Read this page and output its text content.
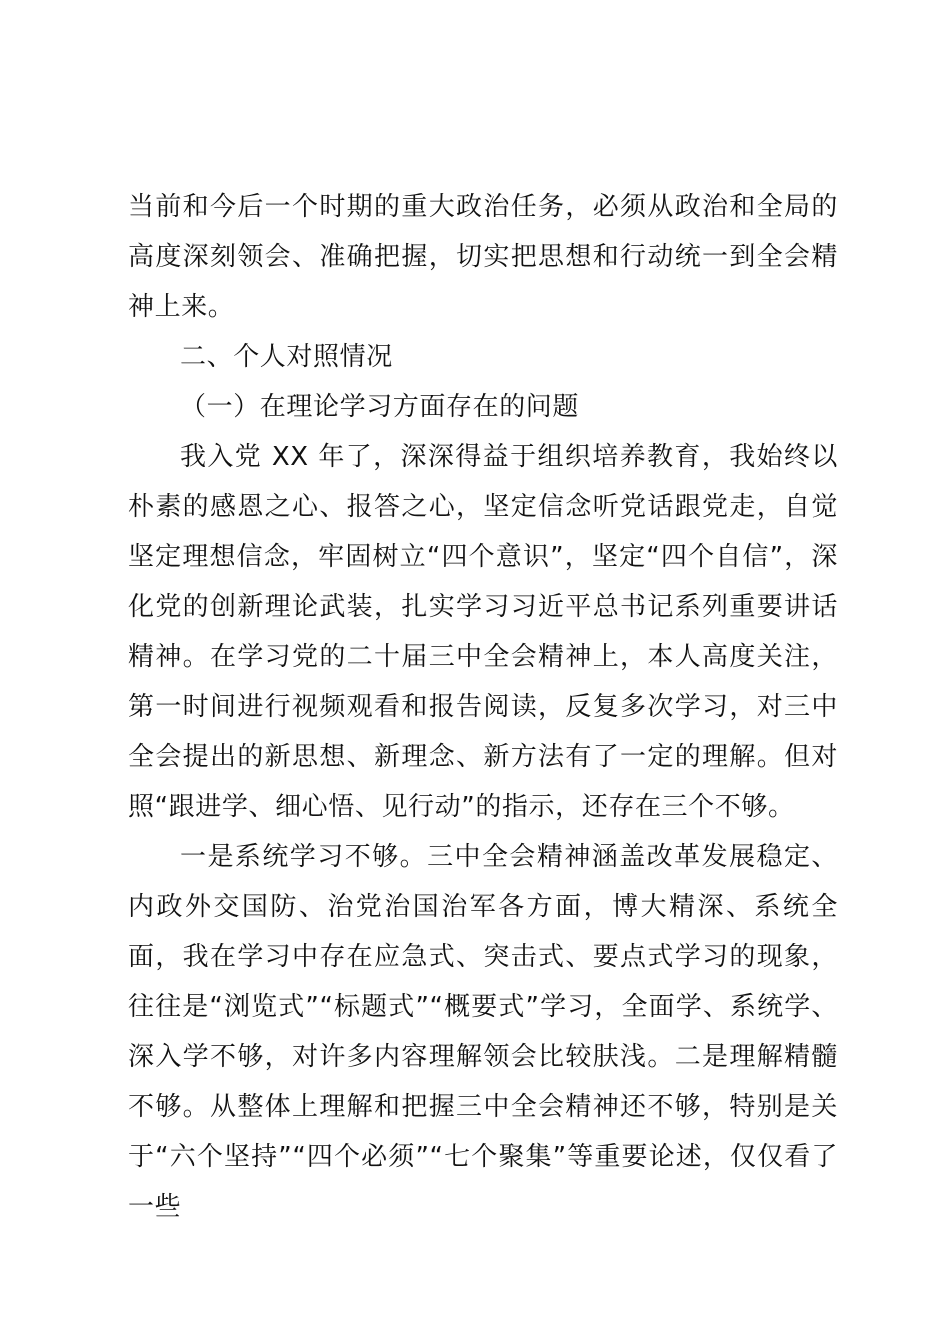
当前和今后一个时期的重大政治任务，必须从政治和全局的高度深刻领会、准确把握，切实把思想和行动统一到全会精神上来。

二、个人对照情况

（一）在理论学习方面存在的问题

我入党 XX 年了，深深得益于组织培养教育，我始终以朴素的感恩之心、报答之心，坚定信念听党话跟党走，自觉坚定理想信念，牢固树立“四个意识”，坚定“四个自信”，深化党的创新理论武装，扎实学习习近平总书记系列重要讲话精神。在学习党的二十届三中全会精神上，本人高度关注，第一时间进行视频观看和报告阅读，反复多次学习，对三中全会提出的新思想、新理念、新方法有了一定的理解。但对照“跟进学、细心悟、见行动”的指示，还存在三个不够。

一是系统学习不够。三中全会精神涵盖改革发展稳定、内政外交国防、治党治国治军各方面，博大精深、系统全面，我在学习中存在应急式、突击式、要点式学习的现象，往往是“浏览式”“标题式”“概要式”学习，全面学、系统学、深入学不够，对许多内容理解领会比较肤浅。二是理解精髓不够。从整体上理解和把握三中全会精神还不够，特别是关于“六个坚持”“四个必须”“七个聚集”等重要论述，仅仅看了一些
